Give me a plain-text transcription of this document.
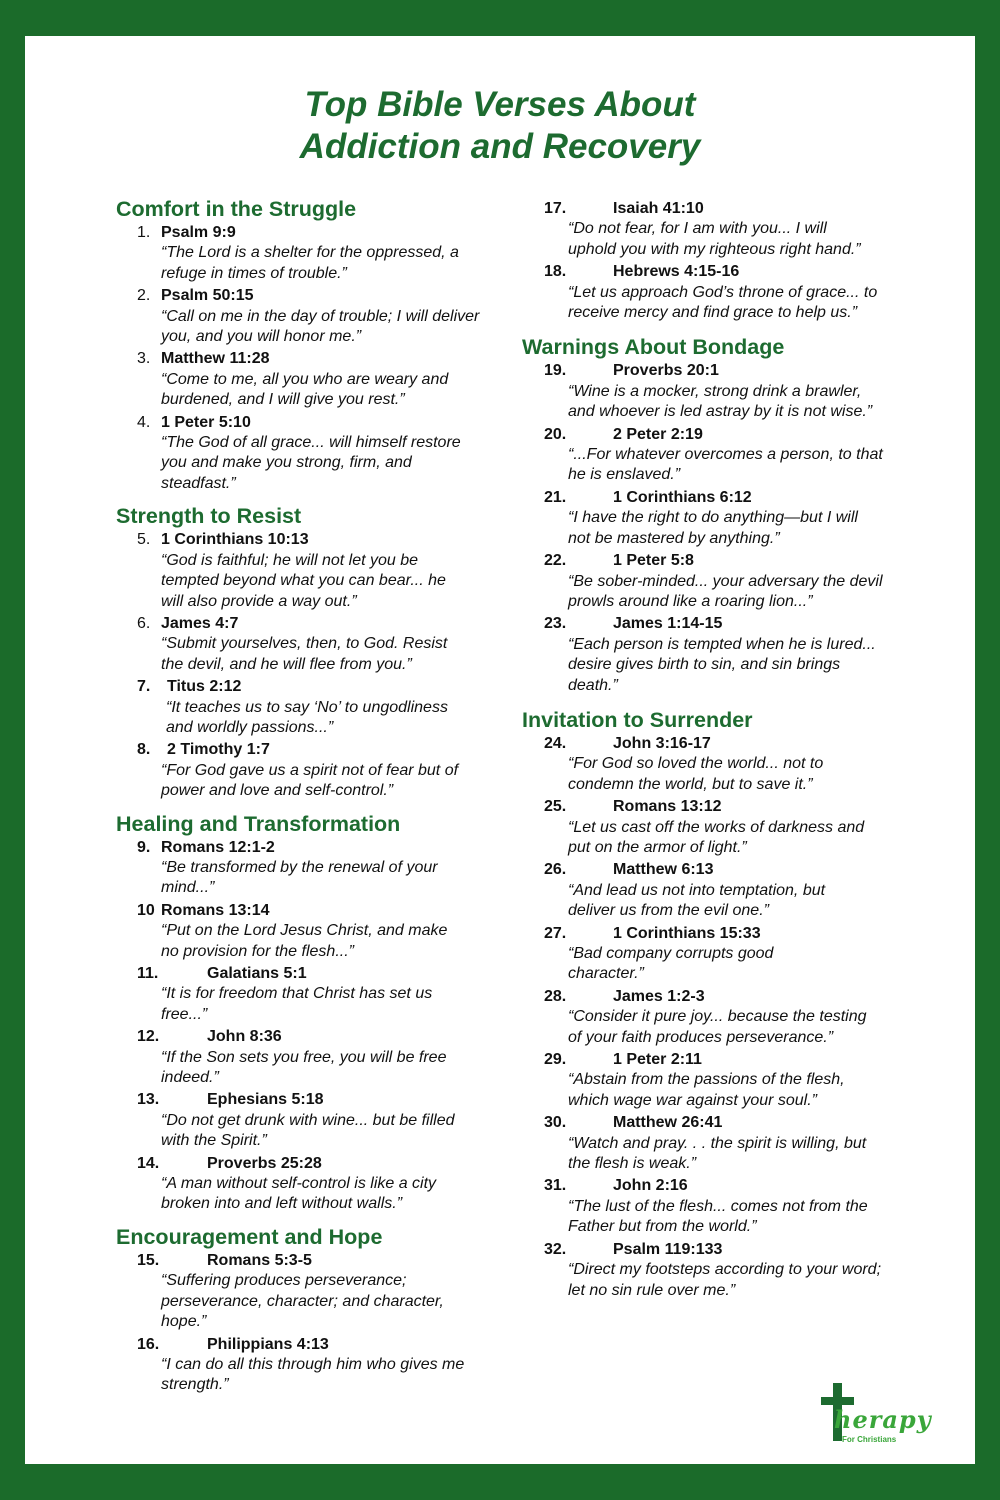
Top Bible Verses About
Addiction and Recovery
Comfort in the Struggle
1. Psalm 9:9
“The Lord is a shelter for the oppressed, a refuge in times of trouble.”
2. Psalm 50:15
“Call on me in the day of trouble; I will deliver you, and you will honor me.”
3. Matthew 11:28
“Come to me, all you who are weary and burdened, and I will give you rest.”
4. 1 Peter 5:10
“The God of all grace... will himself restore you and make you strong, firm, and steadfast.”
Strength to Resist
5. 1 Corinthians 10:13
“God is faithful; he will not let you be tempted beyond what you can bear... he will also provide a way out.”
6. James 4:7
“Submit yourselves, then, to God. Resist the devil, and he will flee from you.”
7. Titus 2:12
“It teaches us to say ‘No’ to ungodliness and worldly passions...”
8. 2 Timothy 1:7
“For God gave us a spirit not of fear but of power and love and self-control.”
Healing and Transformation
9. Romans 12:1-2
“Be transformed by the renewal of your mind...”
10 Romans 13:14
“Put on the Lord Jesus Christ, and make no provision for the flesh...”
11.	Galatians 5:1
“It is for freedom that Christ has set us free...”
12.	John 8:36
“If the Son sets you free, you will be free indeed.”
13.	Ephesians 5:18
“Do not get drunk with wine... but be filled with the Spirit.”
14.	Proverbs 25:28
“A man without self-control is like a city broken into and left without walls.”
Encouragement and Hope
15.	Romans 5:3-5
“Suffering produces perseverance; perseverance, character; and character, hope.”
16.	Philippians 4:13
“I can do all this through him who gives me strength.”
17.	Isaiah 41:10
“Do not fear, for I am with you... I will uphold you with my righteous right hand.”
18.	Hebrews 4:15-16
“Let us approach God’s throne of grace... to receive mercy and find grace to help us.”
Warnings About Bondage
19.	Proverbs 20:1
“Wine is a mocker, strong drink a brawler, and whoever is led astray by it is not wise.”
20.	2 Peter 2:19
“...For whatever overcomes a person, to that he is enslaved.”
21.	1 Corinthians 6:12
“I have the right to do anything—but I will not be mastered by anything.”
22.	1 Peter 5:8
“Be sober-minded... your adversary the devil prowls around like a roaring lion...”
23.	James 1:14-15
“Each person is tempted when he is lured... desire gives birth to sin, and sin brings death.”
Invitation to Surrender
24.	John 3:16-17
“For God so loved the world... not to condemn the world, but to save it.”
25.	Romans 13:12
“Let us cast off the works of darkness and put on the armor of light.”
26.	Matthew 6:13
“And lead us not into temptation, but deliver us from the evil one.”
27.	1 Corinthians 15:33
“Bad company corrupts good character.”
28.	James 1:2-3
“Consider it pure joy... because the testing of your faith produces perseverance.”
29.	1 Peter 2:11
“Abstain from the passions of the flesh, which wage war against your soul.”
30.	Matthew 26:41
“Watch and pray. . . the spirit is willing, but the flesh is weak.”
31.	John 2:16
“The lust of the flesh... comes not from the Father but from the world.”
32.	Psalm 119:133
“Direct my footsteps according to your word; let no sin rule over me.”
herapy
For Christians
